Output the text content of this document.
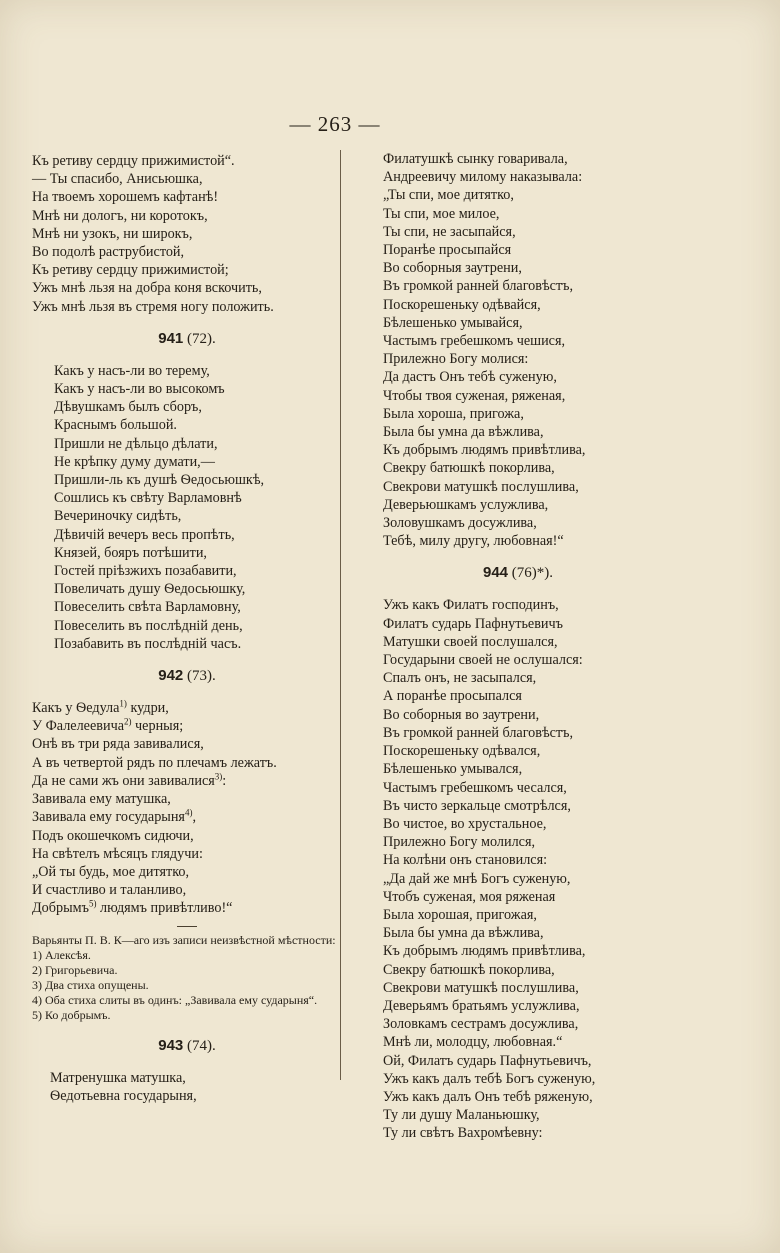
— 263 —
Къ ретиву сердцу прижимистой“.
— Ты спасибо, Анисьюшка,
На твоемъ хорошемъ кафтанѣ!
Мнѣ ни дологъ, ни коротокъ,
Мнѣ ни узокъ, ни широкъ,
Во подолѣ раструбистой,
Къ ретиву сердцу прижимистой;
Ужъ мнѣ льзя на добра коня вскочить,
Ужъ мнѣ льзя въ стремя ногу положить.
941 (72).
Какъ у насъ-ли во терему,
Какъ у насъ-ли во высокомъ
Дѣвушкамъ былъ сборъ,
Краснымъ большой.
Пришли не дѣльцо дѣлати,
Не крѣпку думу думати,—
Пришли-ль къ душѣ Ѳедосьюшкѣ,
Сошлись къ свѣту Варламовнѣ
Вечериночку сидѣть,
Дѣвичій вечеръ весь пропѣть,
Князей, бояръ потѣшити,
Гостей пріѣзжихъ позабавити,
Повеличать душу Ѳедосьюшку,
Повеселить свѣта Варламовну,
Повеселить въ послѣдній день,
Позабавить въ послѣдній часъ.
942 (73).
Какъ у Ѳедула$^{1)}$ кудри,
У Фалелеевича$^{2)}$ черныя;
Онѣ въ три ряда завивалися,
А въ четвертой рядъ по плечамъ лежатъ.
Да не сами жъ они завивалися$^{3)}$:
Завивала ему матушка,
Завивала ему государыня$^{4)}$,
Подъ окошечкомъ сидючи,
На свѣтелъ мѣсяцъ глядучи:
„Ой ты будь, мое дитятко,
И счастливо и таланливо,
Добрымъ$^{5)}$ людямъ привѣтливо!“
Варьянты П. В. К—аго изъ записи неизвѣстной мѣстности:
1) Алексѣя.
2) Григорьевича.
3) Два стиха опущены.
4) Оба стиха слиты въ одинъ: „Завивала ему сударыня“.
5) Ко добрымъ.
943 (74).
Матренушка матушка,
Ѳедотьевна государыня,
Филатушкѣ сынку говаривала,
Андреевичу милому наказывала:
„Ты спи, мое дитятко,
Ты спи, мое милое,
Ты спи, не засыпайся,
Поранѣе просыпайся
Во соборныя заутрени,
Въ громкой ранней благовѣстъ,
Поскорешеньку одѣвайся,
Бѣлешенько умывайся,
Частымъ гребешкомъ чешися,
Прилежно Богу молися:
Да дастъ Онъ тебѣ суженую,
Чтобы твоя суженая, ряженая,
Была хороша, пригожа,
Была бы умна да вѣжлива,
Къ добрымъ людямъ привѣтлива,
Свекру батюшкѣ покорлива,
Свекрови матушкѣ послушлива,
Деверьюшкамъ услужлива,
Золовушкамъ досужлива,
Тебѣ, милу другу, любовная!“
944 (76)*).
Ужъ какъ Филатъ господинъ,
Филатъ сударь Пафнутьевичъ
Матушки своей послушался,
Государыни своей не ослушался:
Спалъ онъ, не засыпался,
А поранѣе просыпался
Во соборныя во заутрени,
Въ громкой ранней благовѣстъ,
Поскорешеньку одѣвался,
Бѣлешенько умывался,
Частымъ гребешкомъ чесался,
Въ чисто зеркальце смотрѣлся,
Во чистое, во хрустальное,
Прилежно Богу молился,
На колѣни онъ становился:
„Да дай же мнѣ Богъ суженую,
Чтобъ суженая, моя ряженая
Была хорошая, пригожая,
Была бы умна да вѣжлива,
Къ добрымъ людямъ привѣтлива,
Свекру батюшкѣ покорлива,
Свекрови матушкѣ послушлива,
Деверьямъ братьямъ услужлива,
Золовкамъ сестрамъ досужлива,
Мнѣ ли, молодцу, любовная.“
Ой, Филатъ сударь Пафнутьевичъ,
Ужъ какъ далъ тебѣ Богъ суженую,
Ужъ какъ далъ Онъ тебѣ ряженую,
Ту ли душу Маланьюшку,
Ту ли свѣтъ Вахромѣевну:
